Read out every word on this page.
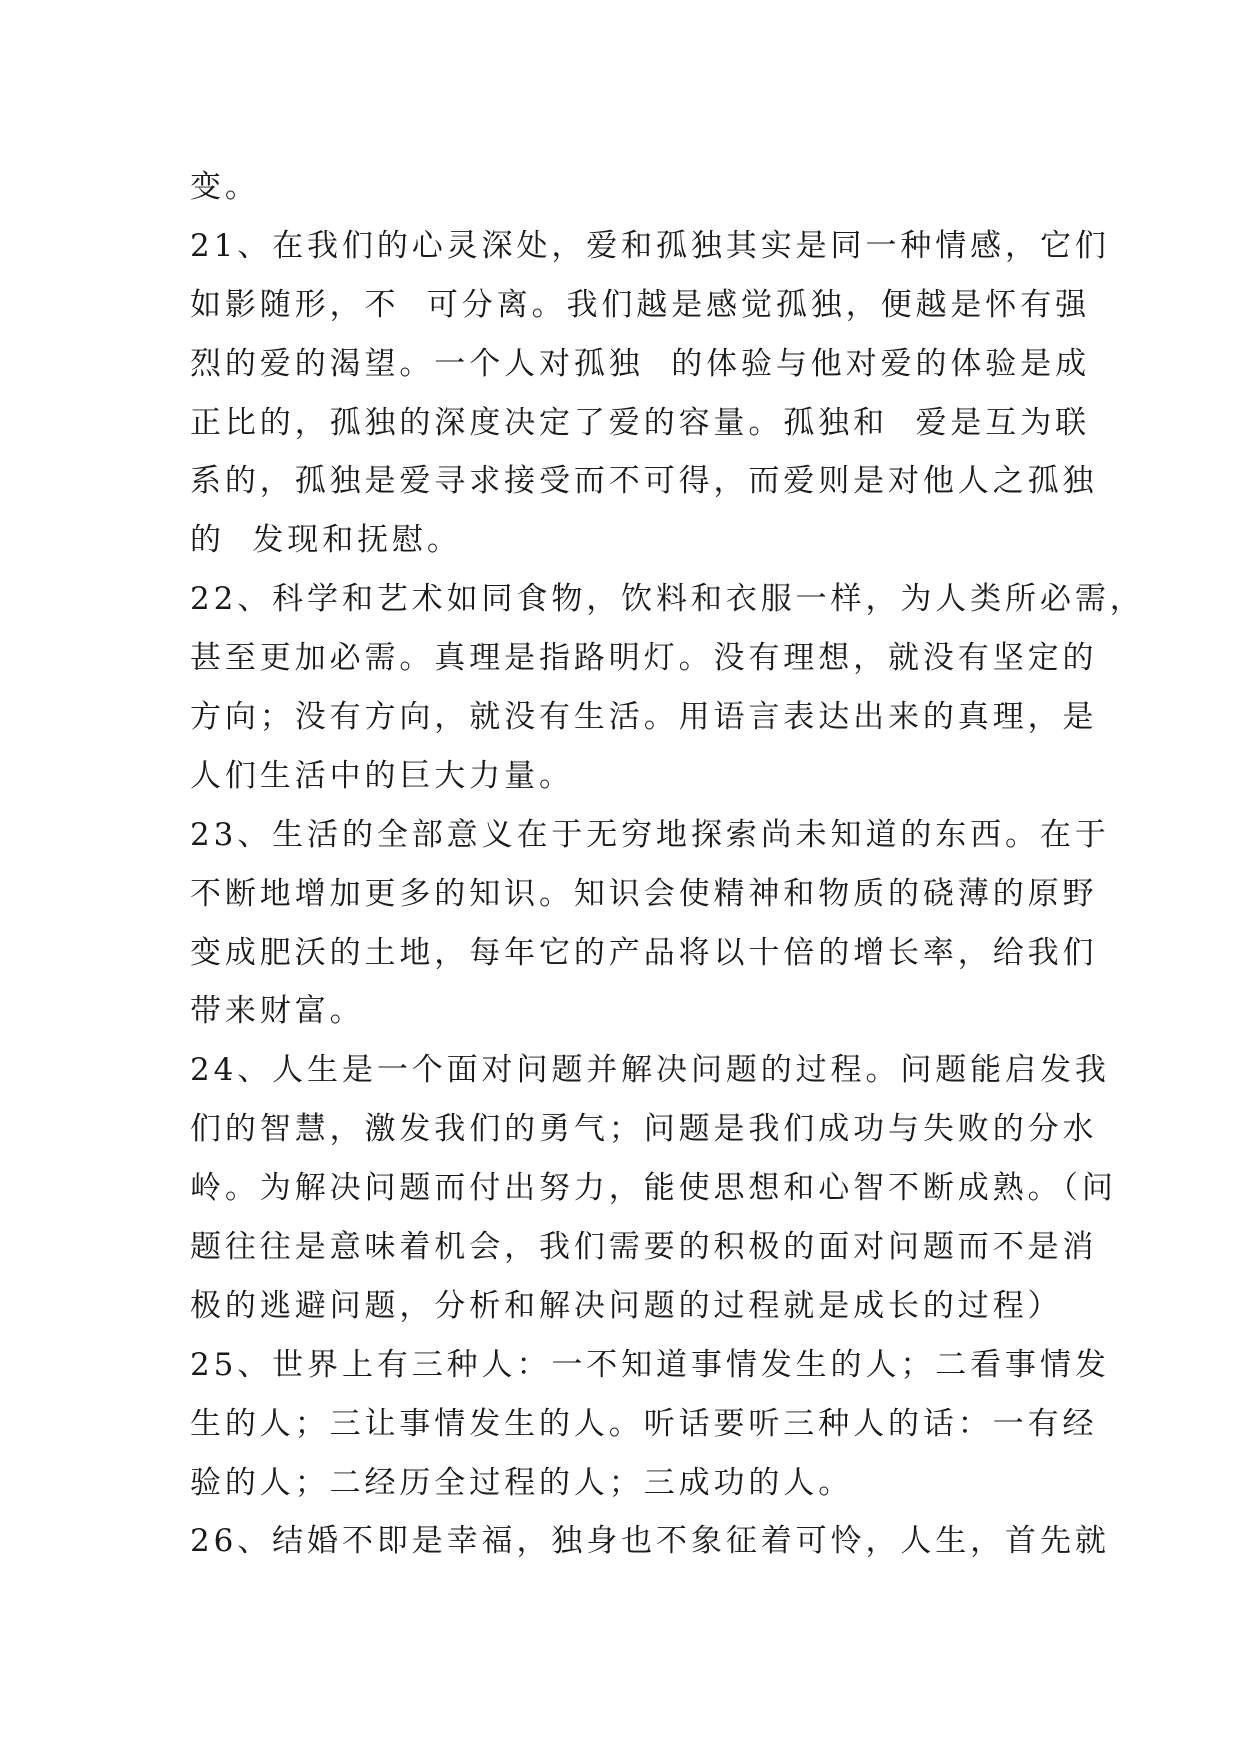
变。
21、在我们的心灵深处，爱和孤独其实是同一种情感，它们
如影随形，不  可分离。我们越是感觉孤独，便越是怀有强
烈的爱的渴望。一个人对孤独  的体验与他对爱的体验是成
正比的，孤独的深度决定了爱的容量。孤独和  爱是互为联
系的，孤独是爱寻求接受而不可得，而爱则是对他人之孤独
的  发现和抚慰。
22、科学和艺术如同食物，饮料和衣服一样，为人类所必需，
甚至更加必需。真理是指路明灯。没有理想，就没有坚定的
方向；没有方向，就没有生活。用语言表达出来的真理，是
人们生活中的巨大力量。
23、生活的全部意义在于无穷地探索尚未知道的东西。在于
不断地增加更多的知识。知识会使精神和物质的硗薄的原野
变成肥沃的土地，每年它的产品将以十倍的增长率，给我们
带来财富。
24、人生是一个面对问题并解决问题的过程。问题能启发我
们的智慧，激发我们的勇气；问题是我们成功与失败的分水
岭。为解决问题而付出努力，能使思想和心智不断成熟。（问
题往往是意味着机会，我们需要的积极的面对问题而不是消
极的逃避问题，分析和解决问题的过程就是成长的过程）
25、世界上有三种人：一不知道事情发生的人；二看事情发
生的人；三让事情发生的人。听话要听三种人的话：一有经
验的人；二经历全过程的人；三成功的人。
26、结婚不即是幸福，独身也不象征着可怜，人生，首先就
